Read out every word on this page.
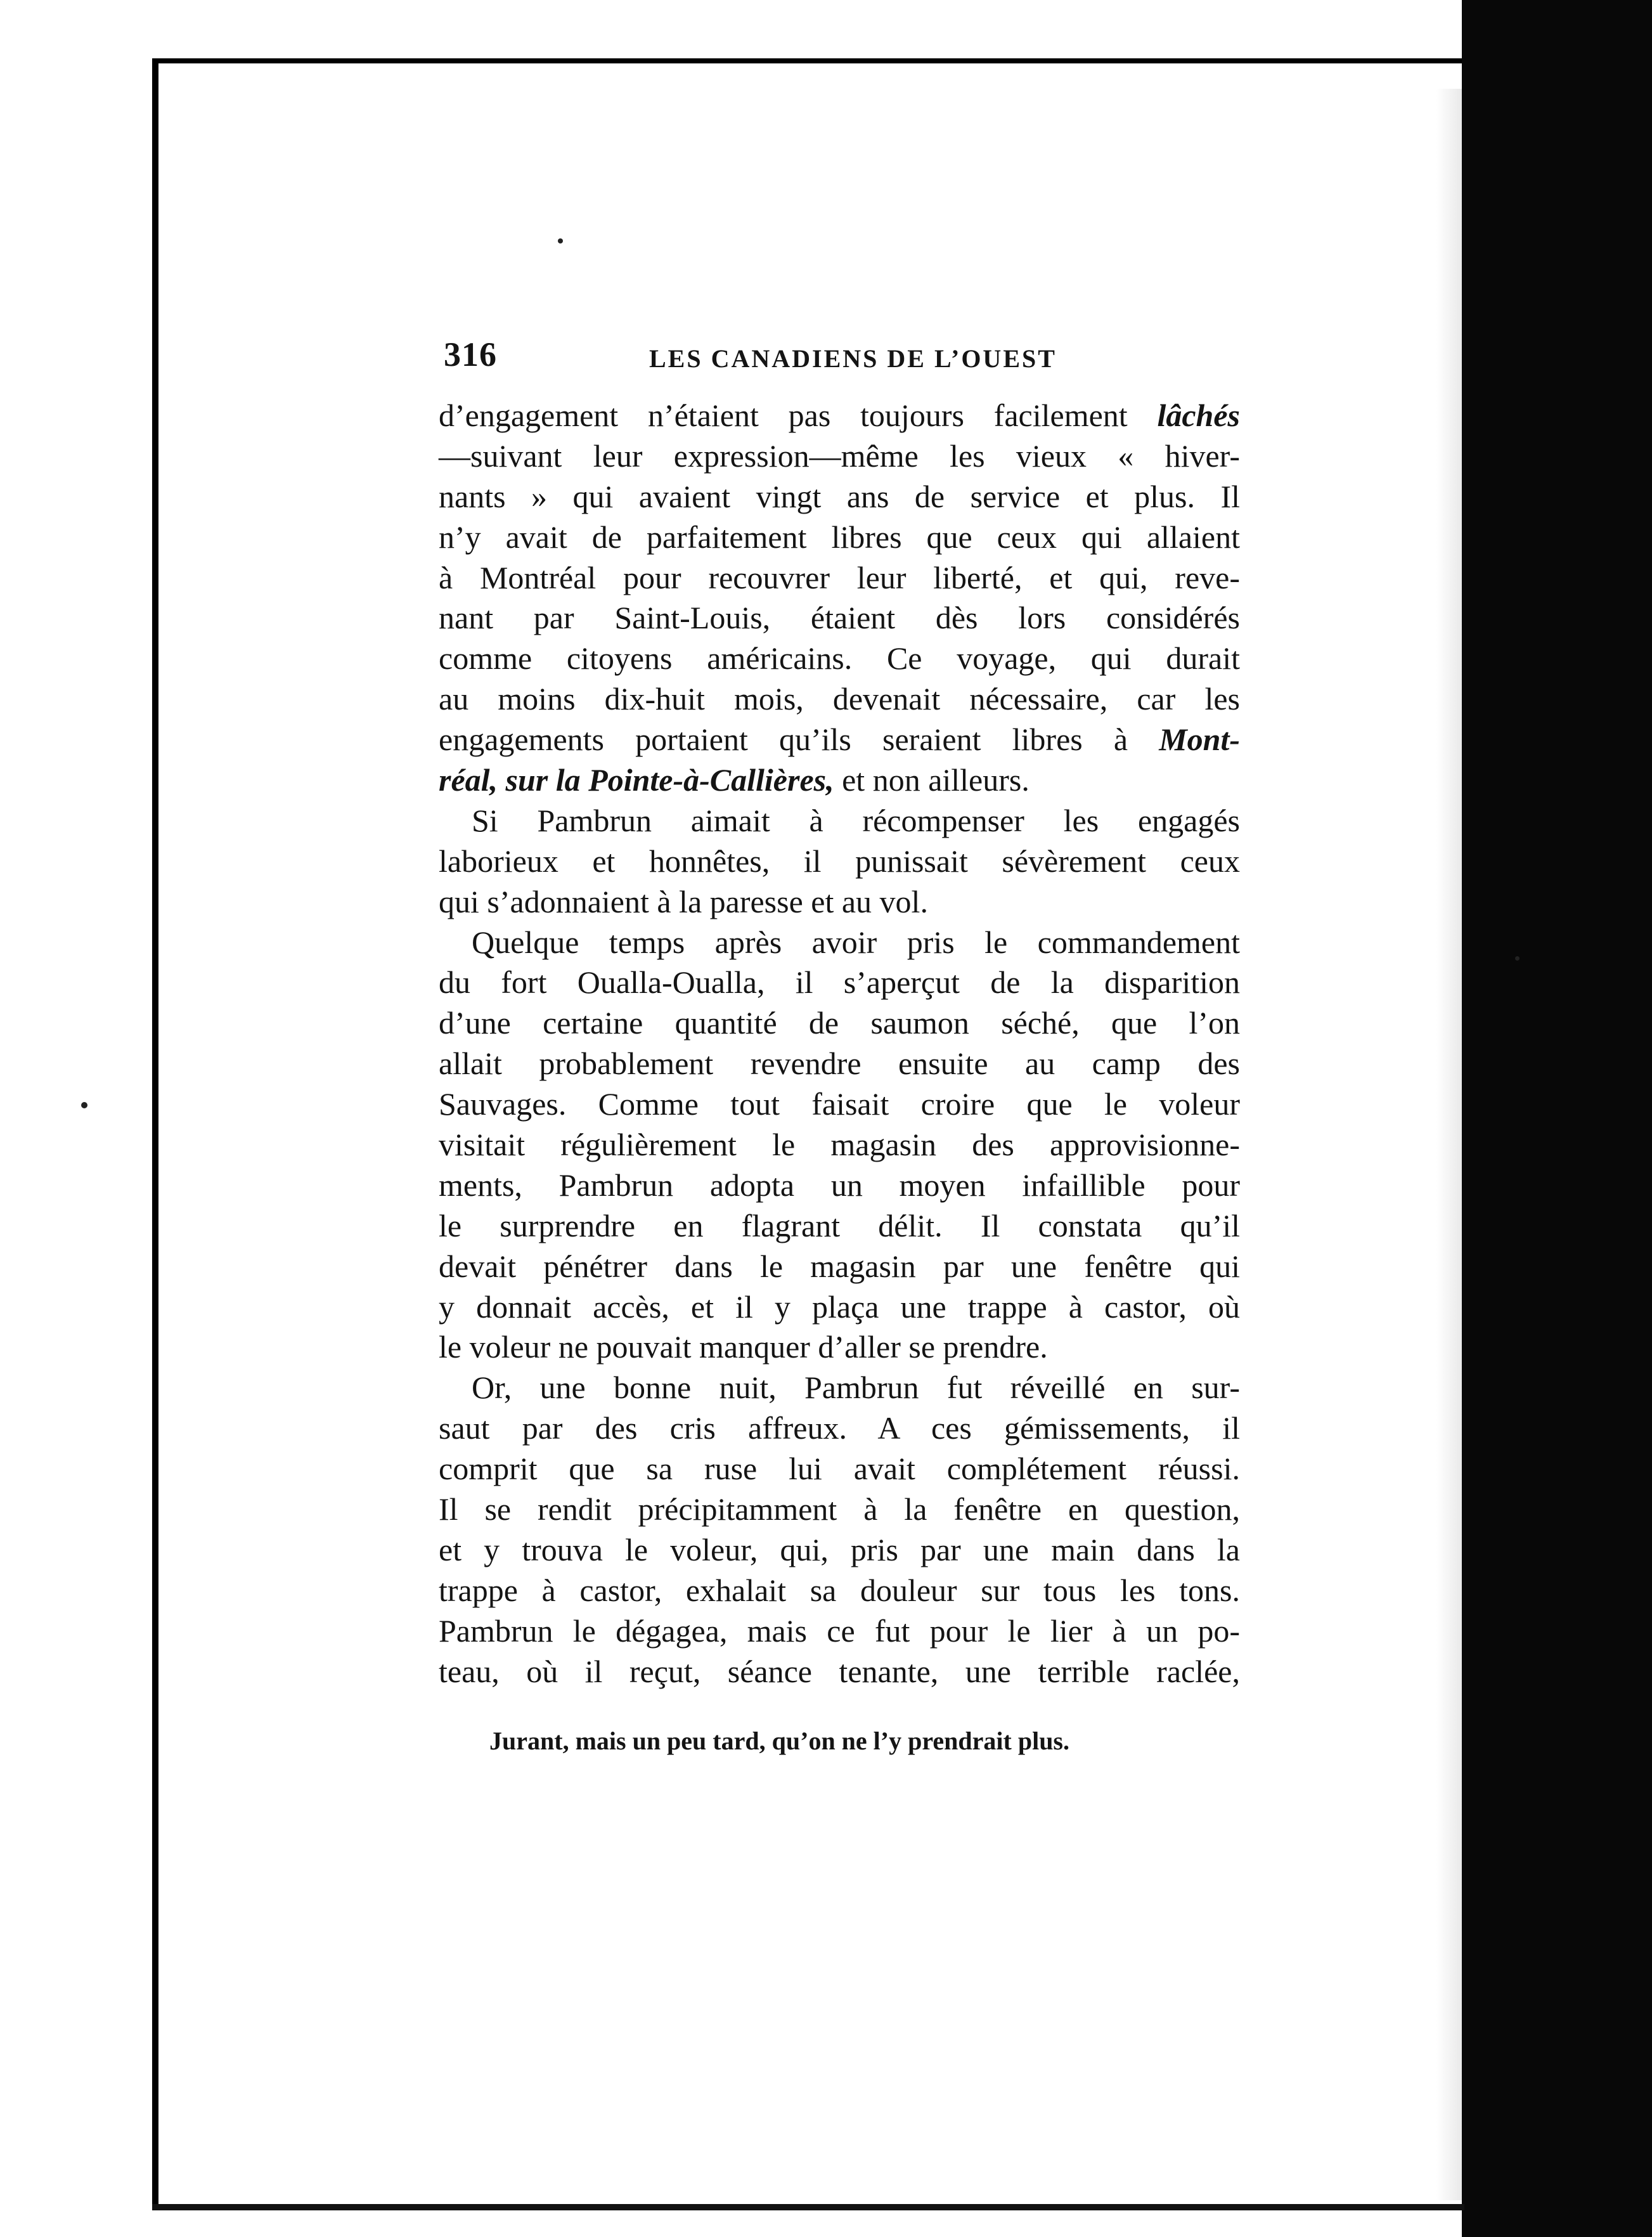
316	LES CANADIENS DE L’OUEST
d’engagement n’étaient pas toujours facilement lâchés
—suivant leur expression—même les vieux « hiver-
nants » qui avaient vingt ans de service et plus. Il
n’y avait de parfaitement libres que ceux qui allaient
à Montréal pour recouvrer leur liberté, et qui, reve-
nant par Saint-Louis, étaient dès lors considérés
comme citoyens américains. Ce voyage, qui durait
au moins dix-huit mois, devenait nécessaire, car les
engagements portaient qu’ils seraient libres à Mont-
réal, sur la Pointe-à-Callières, et non ailleurs.
Si Pambrun aimait à récompenser les engagés
laborieux et honnêtes, il punissait sévèrement ceux
qui s’adonnaient à la paresse et au vol.
Quelque temps après avoir pris le commandement
du fort Oualla-Oualla, il s’aperçut de la disparition
d’une certaine quantité de saumon séché, que l’on
allait probablement revendre ensuite au camp des
Sauvages. Comme tout faisait croire que le voleur
visitait régulièrement le magasin des approvisionne-
ments, Pambrun adopta un moyen infaillible pour
le surprendre en flagrant délit. Il constata qu’il
devait pénétrer dans le magasin par une fenêtre qui
y donnait accès, et il y plaça une trappe à castor, où
le voleur ne pouvait manquer d’aller se prendre.
Or, une bonne nuit, Pambrun fut réveillé en sur-
saut par des cris affreux. A ces gémissements, il
comprit que sa ruse lui avait complétement réussi.
Il se rendit précipitamment à la fenêtre en question,
et y trouva le voleur, qui, pris par une main dans la
trappe à castor, exhalait sa douleur sur tous les tons.
Pambrun le dégagea, mais ce fut pour le lier à un po-
teau, où il reçut, séance tenante, une terrible raclée,
Jurant, mais un peu tard, qu’on ne l’y prendrait plus.
